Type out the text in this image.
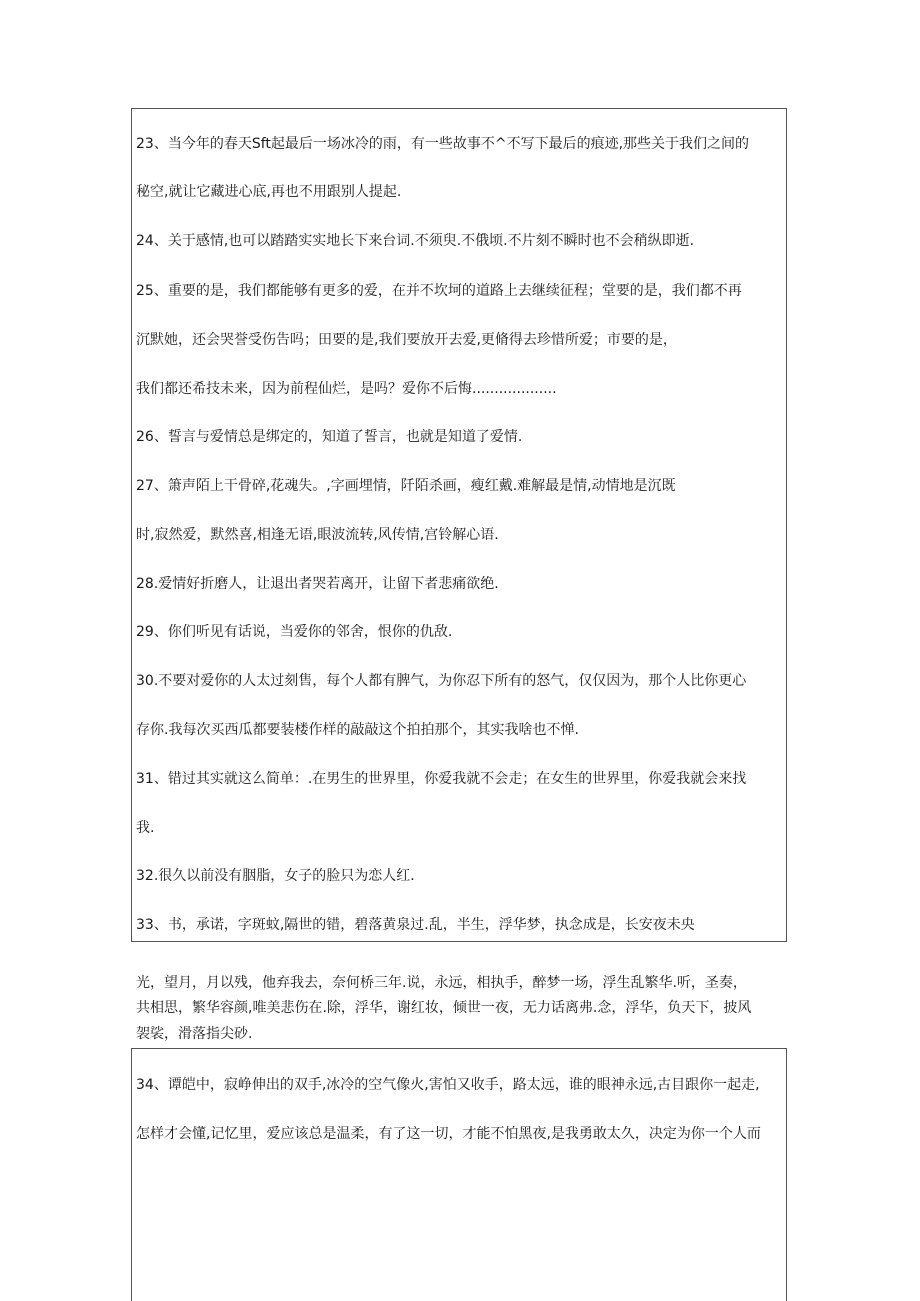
23、当今年的春天Sft起最后一场冰冷的雨，有一些故事不^不写下最后的痕迹,那些关于我们之间的
秘空,就让它藏进心底,再也不用跟别人提起.
24、关于感情,也可以踏踏实实地长下来台词.不须臾.不俄顷.不片刻不瞬时也不会稍纵即逝.
25、重要的是，我们都能够有更多的爱，在并不坎坷的道路上去继续征程；堂要的是，我们都不再
沉默她，还会哭誉受伤告吗；田要的是,我们要放开去爱,更脩得去珍惜所爱；市要的是，
我们都还希技未来，因为前程仙烂，是吗？爱你不后悔...................
26、誓言与爱情总是绑定的，知道了誓言，也就是知道了爱情.
27、箫声陌上干骨碎,花魂失。,字画埋情，阡陌杀画，瘦红戴.难解最是情,动情地是沉既
时,寂然爱，默然喜,相逢无语,眼波流转,风传情,宫铃解心语.
28.爱情好折磨人，让退出者哭若离开，让留下者悲痛欲绝.
29、你们听见有话说，当爱你的邻舍，恨你的仇敌.
30.不要对爱你的人太过刻售，每个人都有脾气，为你忍下所有的怒气，仅仅因为，那个人比你更心
存你.我每次买西瓜都要装楼作样的敲敲这个拍拍那个，其实我啥也不惮.
31、错过其实就这么简单：.在男生的世界里，你爱我就不会走；在女生的世界里，你爱我就会来找
我.
32.很久以前没有胭脂，女子的脸只为恋人红.
33、书，承诺，字斑蚊,隔世的错，碧落黄泉过.乱，半生，浮华梦，执念成是，长安夜未央
光，望月，月以残，他弃我去，奈何桥三年.说，永远，相执手，醉梦一场，浮生乱繁华.听，圣奏，
共相思，繁华容颜,唯美悲伤在.除，浮华，谢红妆，倾世一夜，无力话离弗.念，浮华，负天下，披风
袈裟，滑落指尖砂.
34、谭皑中，寂峥伸出的双手,冰冷的空气像火,害怕又收手，路太远，谁的眼神永远,古目跟你一起走,
怎样才会懂,记忆里，爱应该总是温柔，有了这一切，才能不怕黑夜,是我勇敢太久，决定为你一个人而
